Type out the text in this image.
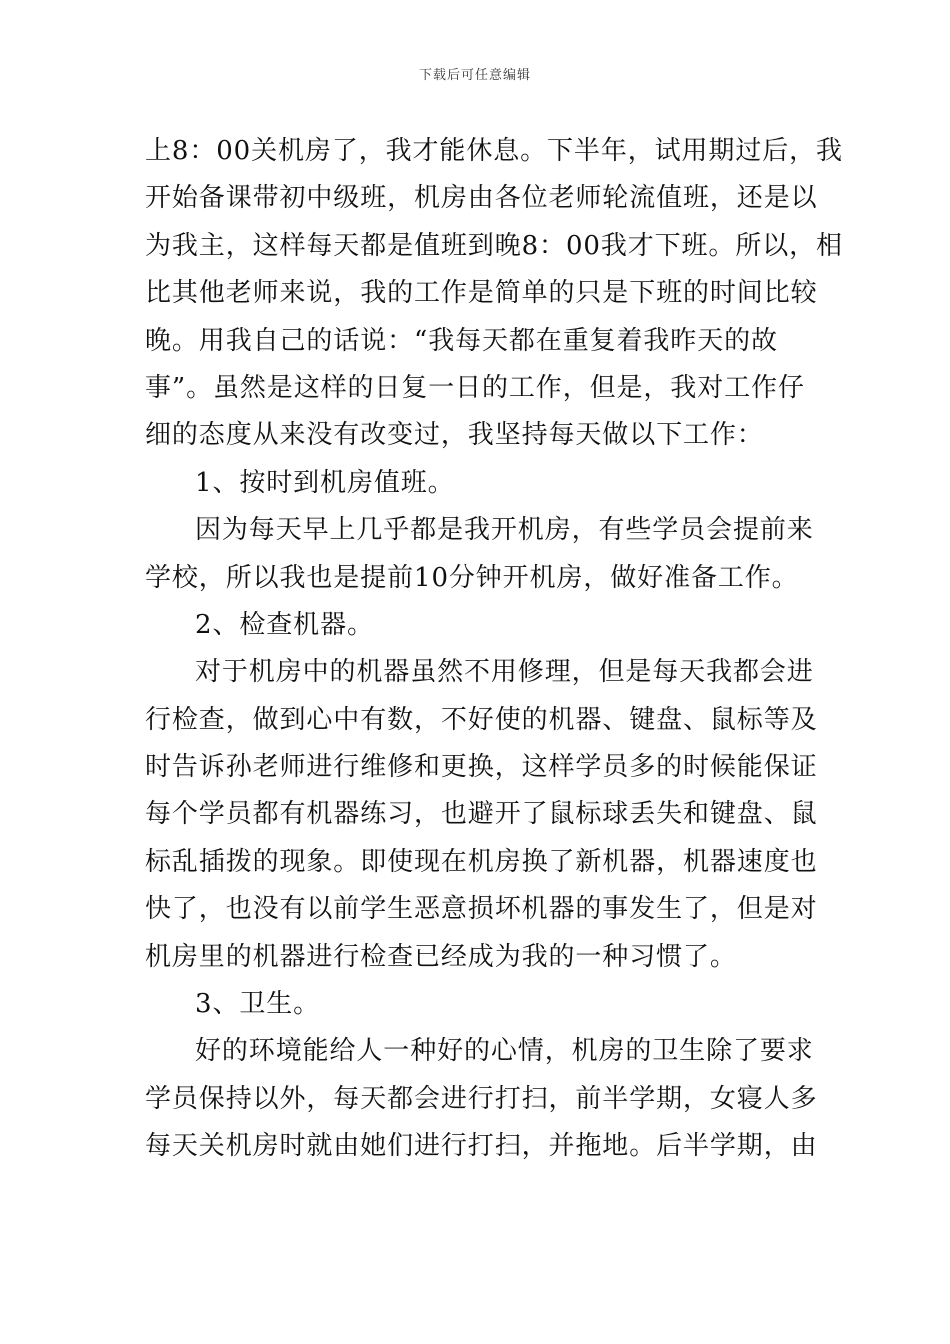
下载后可任意编辑
上8：00关机房了，我才能休息。下半年，试用期过后，我
开始备课带初中级班，机房由各位老师轮流值班，还是以
为我主，这样每天都是值班到晚8：00我才下班。所以，相
比其他老师来说，我的工作是简单的只是下班的时间比较
晚。用我自己的话说：“我每天都在重复着我昨天的故
事”。虽然是这样的日复一日的工作，但是，我对工作仔
细的态度从来没有改变过，我坚持每天做以下工作：
1、按时到机房值班。
因为每天早上几乎都是我开机房，有些学员会提前来
学校，所以我也是提前10分钟开机房，做好准备工作。
2、检查机器。
对于机房中的机器虽然不用修理，但是每天我都会进
行检查，做到心中有数，不好使的机器、键盘、鼠标等及
时告诉孙老师进行维修和更换，这样学员多的时候能保证
每个学员都有机器练习，也避开了鼠标球丢失和键盘、鼠
标乱插拨的现象。即使现在机房换了新机器，机器速度也
快了，也没有以前学生恶意损坏机器的事发生了，但是对
机房里的机器进行检查已经成为我的一种习惯了。
3、卫生。
好的环境能给人一种好的心情，机房的卫生除了要求
学员保持以外，每天都会进行打扫，前半学期，女寝人多
每天关机房时就由她们进行打扫，并拖地。后半学期，由
